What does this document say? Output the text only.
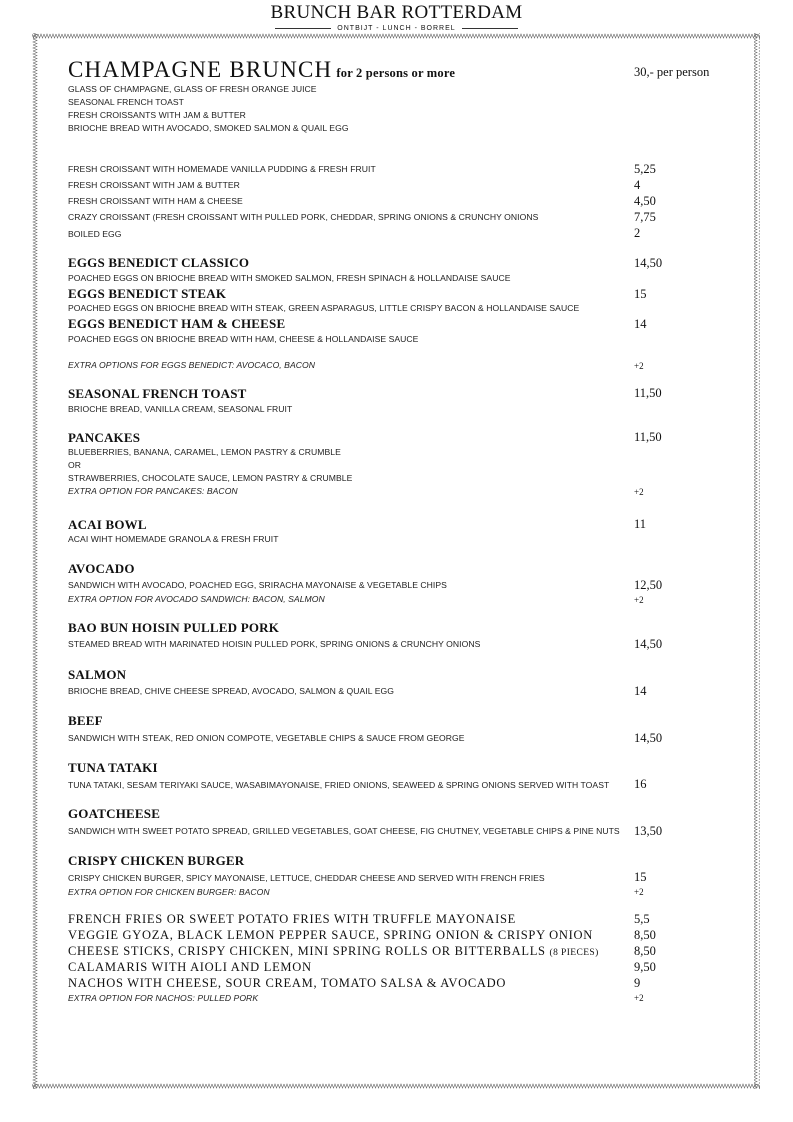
BRUNCH BAR ROTTERDAM
ONTBIJT - LUNCH - BORREL
CHAMPAGNE BRUNCH for 2 persons or more	30,- per person
GLASS OF CHAMPAGNE, GLASS OF FRESH ORANGE JUICE
SEASONAL FRENCH TOAST
FRESH CROISSANTS WITH JAM & BUTTER
BRIOCHE BREAD WITH AVOCADO, SMOKED SALMON & QUAIL EGG
FRESH CROISSANT WITH HOMEMADE VANILLA PUDDING & FRESH FRUIT	5,25
FRESH CROISSANT WITH JAM & BUTTER	4
FRESH CROISSANT WITH HAM & CHEESE	4,50
CRAZY CROISSANT (FRESH CROISSANT WITH PULLED PORK, CHEDDAR, SPRING ONIONS & CRUNCHY ONIONS	7,75
BOILED EGG	2
EGGS BENEDICT CLASSICO	14,50
POACHED EGGS ON BRIOCHE BREAD WITH SMOKED SALMON, FRESH SPINACH & HOLLANDAISE SAUCE
EGGS BENEDICT STEAK	15
POACHED EGGS ON BRIOCHE BREAD WITH STEAK, GREEN ASPARAGUS, LITTLE CRISPY BACON & HOLLANDAISE SAUCE
EGGS BENEDICT HAM & CHEESE	14
POACHED EGGS ON BRIOCHE BREAD WITH HAM, CHEESE & HOLLANDAISE SAUCE
EXTRA OPTIONS FOR EGGS BENEDICT: AVOCACO, BACON	+2
SEASONAL FRENCH TOAST	11,50
BRIOCHE BREAD, VANILLA CREAM, SEASONAL FRUIT
PANCAKES	11,50
BLUEBERRIES, BANANA, CARAMEL, LEMON PASTRY & CRUMBLE
OR
STRAWBERRIES, CHOCOLATE SAUCE, LEMON PASTRY & CRUMBLE
EXTRA OPTION FOR PANCAKES: BACON	+2
ACAI BOWL	11
ACAI WIHT HOMEMADE GRANOLA & FRESH FRUIT
AVOCADO
SANDWICH WITH AVOCADO, POACHED EGG, SRIRACHA MAYONAISE & VEGETABLE CHIPS	12,50
EXTRA OPTION FOR AVOCADO SANDWICH: BACON, SALMON	+2
BAO BUN HOISIN PULLED PORK
STEAMED BREAD WITH MARINATED HOISIN PULLED PORK, SPRING ONIONS & CRUNCHY ONIONS	14,50
SALMON
BRIOCHE BREAD, CHIVE CHEESE SPREAD, AVOCADO, SALMON & QUAIL EGG	14
BEEF
SANDWICH WITH STEAK, RED ONION COMPOTE, VEGETABLE CHIPS & SAUCE FROM GEORGE	14,50
TUNA TATAKI
TUNA TATAKI, SESAM TERIYAKI SAUCE, WASABIMAYONAISE, FRIED ONIONS, SEAWEED & SPRING ONIONS SERVED WITH TOAST 16
GOATCHEESE
SANDWICH WITH SWEET POTATO SPREAD, GRILLED VEGETABLES, GOAT CHEESE, FIG CHUTNEY, VEGETABLE CHIPS & PINE NUTS 13,50
CRISPY CHICKEN BURGER
CRISPY CHICKEN BURGER, SPICY MAYONAISE, LETTUCE, CHEDDAR CHEESE AND SERVED WITH FRENCH FRIES	15
EXTRA OPTION FOR CHICKEN BURGER: BACON	+2
FRENCH FRIES OR SWEET POTATO FRIES WITH TRUFFLE MAYONAISE	5,5
VEGGIE GYOZA, BLACK LEMON PEPPER SAUCE, SPRING ONION & CRISPY ONION	8,50
CHEESE STICKS, CRISPY CHICKEN, MINI SPRING ROLLS OR BITTERBALLS (8 PIECES)	8,50
CALAMARIS WITH AIOLI AND LEMON	9,50
NACHOS WITH CHEESE, SOUR CREAM, TOMATO SALSA & AVOCADO	9
EXTRA OPTION FOR NACHOS: PULLED PORK	+2
